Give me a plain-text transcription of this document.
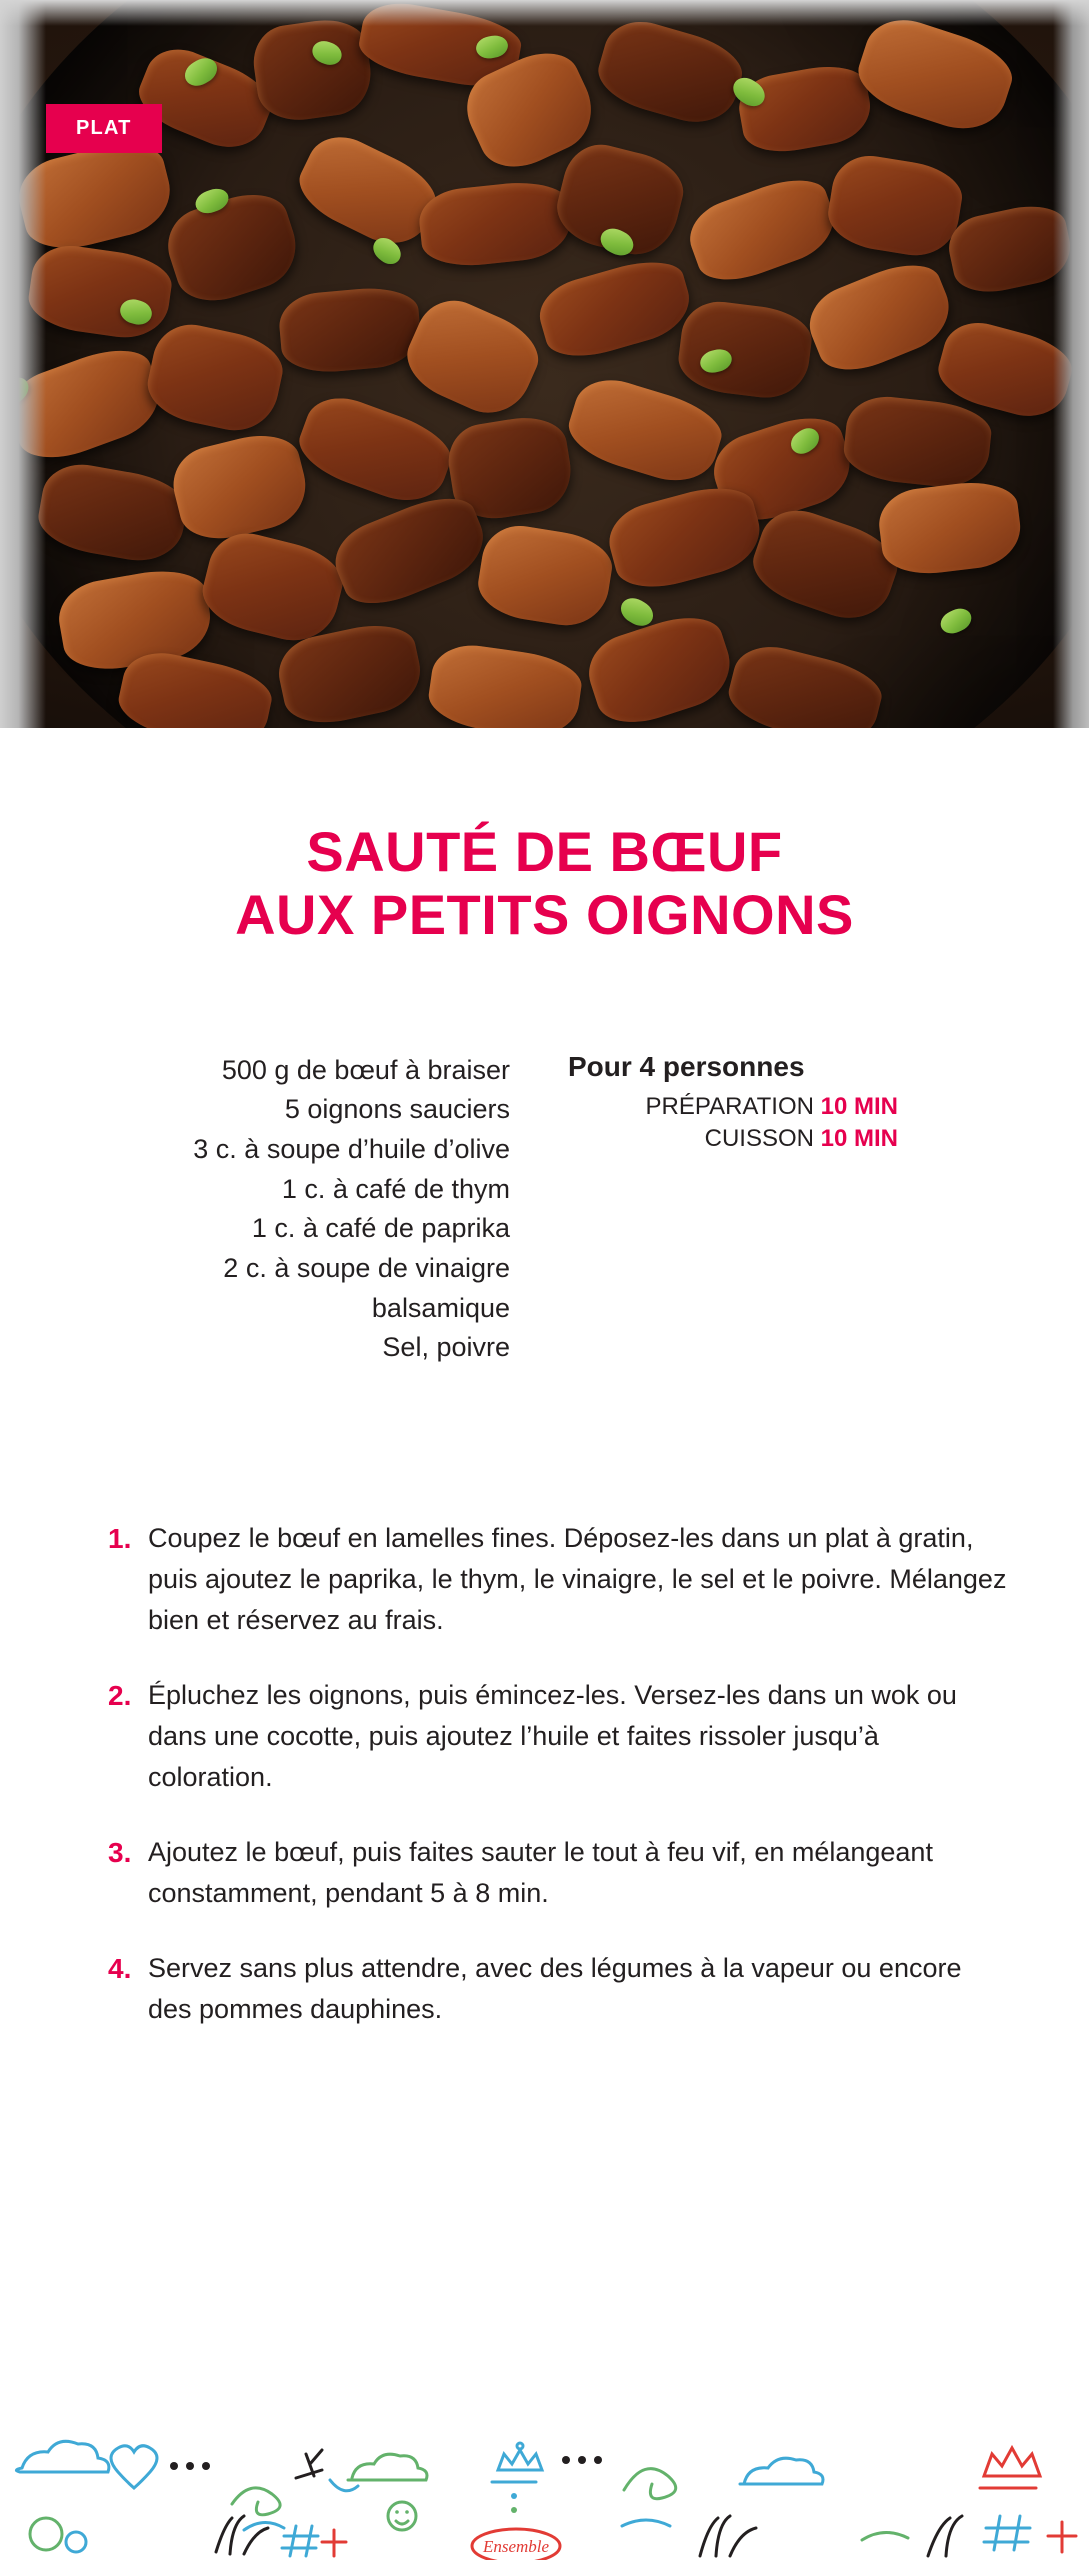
PLAT
SAUTÉ DE BŒUF
AUX PETITS OIGNONS
500 g de bœuf à braiser
5 oignons sauciers
3 c. à soupe d’huile d’olive
1 c. à café de thym
1 c. à café de paprika
2 c. à soupe de vinaigre
balsamique
Sel, poivre
Pour 4 personnes
PRÉPARATION 10 MIN
CUISSON 10 MIN
1. Coupez le bœuf en lamelles fines. Déposez-les dans un plat à gratin, puis ajoutez le paprika, le thym, le vinaigre, le sel et le poivre. Mélangez bien et réservez au frais.
2. Épluchez les oignons, puis émincez-les. Versez-les dans un wok ou dans une cocotte, puis ajoutez l’huile et faites rissoler jusqu’à coloration.
3. Ajoutez le bœuf, puis faites sauter le tout à feu vif, en mélangeant constamment, pendant 5 à 8 min.
4. Servez sans plus attendre, avec des légumes à la vapeur ou encore des pommes dauphines.
Ensemble
